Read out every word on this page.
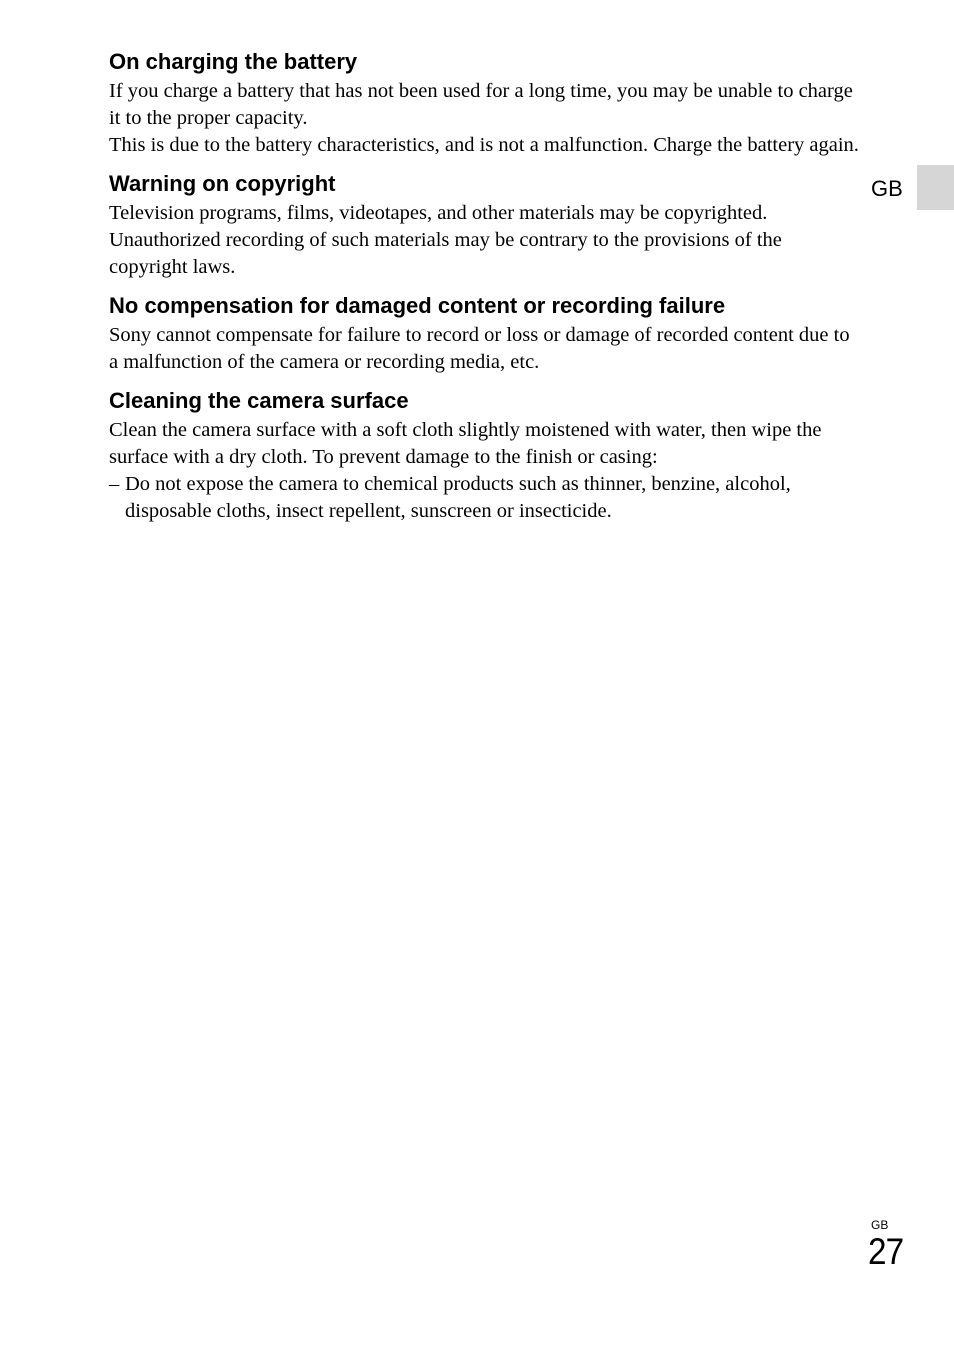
On charging the battery

If you charge a battery that has not been used for a long time, you may be unable to charge it to the proper capacity.

This is due to the battery characteristics, and is not a malfunction. Charge the battery again.

Warning on copyright

Television programs, films, videotapes, and other materials may be copyrighted. Unauthorized recording of such materials may be contrary to the provisions of the copyright laws.

No compensation for damaged content or recording failure

Sony cannot compensate for failure to record or loss or damage of recorded content due to a malfunction of the camera or recording media, etc.

Cleaning the camera surface

Clean the camera surface with a soft cloth slightly moistened with water, then wipe the surface with a dry cloth. To prevent damage to the finish or casing:

– Do not expose the camera to chemical products such as thinner, benzine, alcohol, disposable cloths, insect repellent, sunscreen or insecticide.
GB
GB
27
